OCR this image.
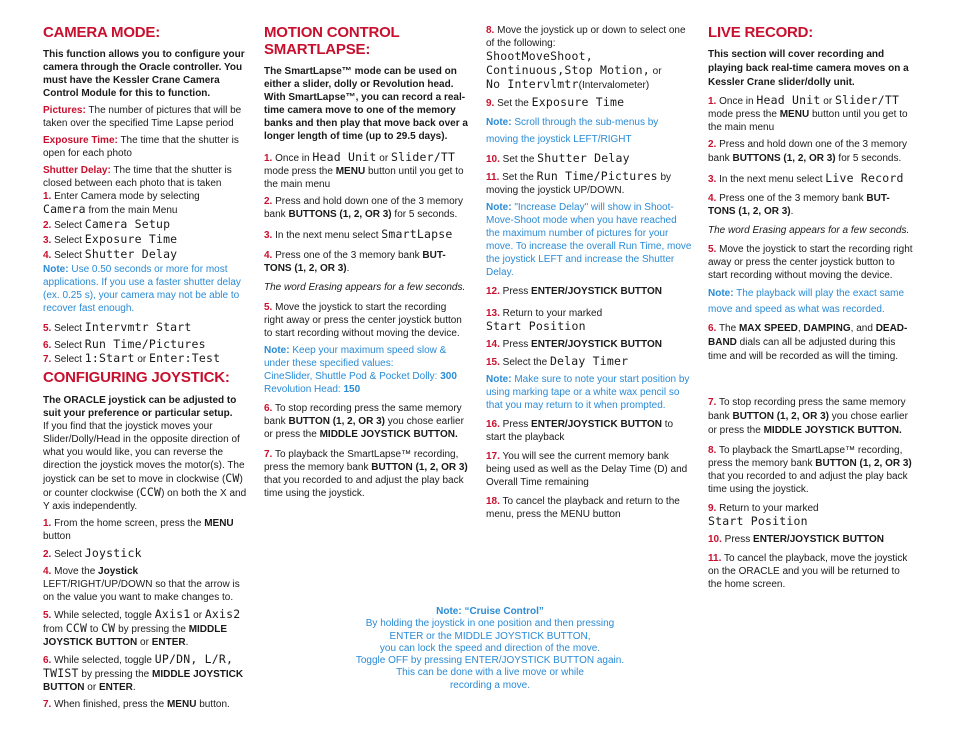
CAMERA MODE:

This function allows you to configure your camera through the Oracle controller. You must have the Kessler Crane Camera Control Module for this to function.

Pictures: The number of pictures that will be taken over the specified Time Lapse period

Exposure Time: The time that the shutter is open for each photo

Shutter Delay: The time that the shutter is closed between each photo that is taken

1. Enter Camera mode by selecting
Camera from the main Menu

2. Select Camera Setup

3. Select Exposure Time

4. Select Shutter Delay

Note: Use 0.50 seconds or more for most applications. If you use a faster shutter delay (ex. 0.25 s), your camera may not be able to recover fast enough.

5. Select Intervmtr Start

6. Select Run Time/Pictures

7. Select 1:Start or Enter:Test

CONFIGURING JOYSTICK:

The ORACLE joystick can be adjusted to suit your preference or particular setup.

If you find that the joystick moves your Slider/Dolly/Head in the opposite direction of what you would like, you can reverse the direction the joystick moves the motor(s). The joystick can be set to move in clockwise (CW) or counter clockwise (CCW) on both the X and Y axis independently.

1. From the home screen, press the MENU button

2. Select Joystick

4. Move the Joystick LEFT/RIGHT/UP/DOWN so that the arrow is on the value you want to make changes to.

5. While selected, toggle Axis1 or Axis2
from CCW to CW by pressing the MIDDLE JOYSTICK BUTTON or ENTER.

6. While selected, toggle UP/DN, L/R, TWIST by pressing the MIDDLE JOYSTICK BUTTON or ENTER.

7. When finished, press the MENU button.

MOTION CONTROL SMARTLAPSE:

The SmartLapse™ mode can be used on either a slider, dolly or Revolution head. With SmartLapse™, you can record a real-time camera move to one of the memory banks and then play that move back over a longer length of time (up to 29.5 days).

1. Once in Head Unit or Slider/TT
mode press the MENU button until you get to the main menu

2. Press and hold down one of the 3 memory bank BUTTONS (1, 2, OR 3) for 5 seconds.

3. In the next menu select SmartLapse

4. Press one of the 3 memory bank BUT-TONS (1, 2, OR 3).

The word Erasing appears for a few seconds.

5. Move the joystick to start the recording right away or press the center joystick button to start recording without moving the device.

Note: Keep your maximum speed slow & under these specified values:
CineSlider, Shuttle Pod & Pocket Dolly: 300
Revolution Head: 150

6. To stop recording press the same memory bank BUTTON (1, 2, OR 3) you chose earlier or press the MIDDLE JOYSTICK BUTTON.

7. To playback the SmartLapse™ recording, press the memory bank BUTTON (1, 2, OR 3) that you recorded to and adjust the play back time using the joystick.

8. Move the joystick up or down to select one of the following:
ShootMoveShoot,
Continuous,Stop Motion, or
No Intervlmtr(Intervalometer)

9. Set the Exposure Time

Note: Scroll through the sub-menus by moving the joystick LEFT/RIGHT

10. Set the Shutter Delay

11. Set the Run Time/Pictures by moving the joystick UP/DOWN.

Note: "Increase Delay" will show in Shoot-Move-Shoot mode when you have reached the maximum number of pictures for your move. To increase the overall Run Time, move the joystick LEFT and increase the Shutter Delay.

12. Press ENTER/JOYSTICK BUTTON

13. Return to your marked
Start Position

14. Press ENTER/JOYSTICK BUTTON

15. Select the Delay Timer

Note: Make sure to note your start position by using marking tape or a white wax pencil so that you may return to it when prompted.

16. Press ENTER/JOYSTICK BUTTON to start the playback

17. You will see the current memory bank being used as well as the Delay Time (D) and Overall Time remaining

18. To cancel the playback and return to the menu, press the MENU button

LIVE RECORD:

This section will cover recording and playing back real-time camera moves on a Kessler Crane slider/dolly unit.

1. Once in Head Unit or Slider/TT
mode press the MENU button until you get to the main menu

2. Press and hold down one of the 3 memory bank BUTTONS (1, 2, OR 3) for 5 seconds.

3. In the next menu select Live Record

4. Press one of the 3 memory bank BUT-TONS (1, 2, OR 3).

The word Erasing appears for a few seconds.

5. Move the joystick to start the recording right away or press the center joystick button to start recording without moving the device.

Note: The playback will play the exact same move and speed as what was recorded.

6. The MAX SPEED, DAMPING, and DEAD-BAND dials can all be adjusted during this time and will be recorded as will the timing.

7. To stop recording press the same memory bank BUTTON (1, 2, OR 3) you chose earlier or press the MIDDLE JOYSTICK BUTTON.

8. To playback the SmartLapse™ recording, press the memory bank BUTTON (1, 2, OR 3) that you recorded to and adjust the play back time using the joystick.

9. Return to your marked
Start Position

10. Press ENTER/JOYSTICK BUTTON

11. To cancel the playback, move the joystick on the ORACLE and you will be returned to the home screen.

Note: “Cruise Control”
By holding the joystick in one position and then pressing
ENTER or the MIDDLE JOYSTICK BUTTON,
you can lock the speed and direction of the move.
Toggle OFF by pressing ENTER/JOYSTICK BUTTON again.
This can be done with a live move or while
recording a move.
